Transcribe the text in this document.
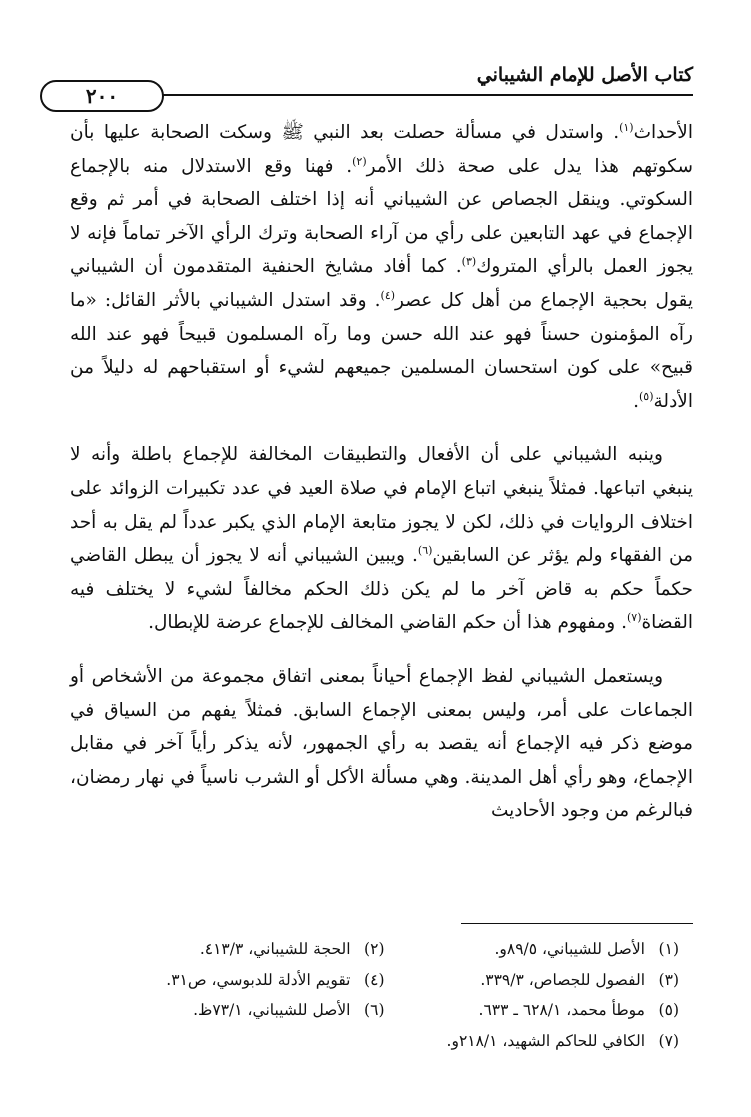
كتاب الأصل للإمام الشيباني
٢٠٠

الأحداث$^{(١)}$. واستدل في مسألة حصلت بعد النبي ﷺ وسكت الصحابة عليها بأن سكوتهم هذا يدل على صحة ذلك الأمر$^{(٢)}$. فهنا وقع الاستدلال منه بالإجماع السكوتي. وينقل الجصاص عن الشيباني أنه إذا اختلف الصحابة في أمر ثم وقع الإجماع في عهد التابعين على رأي من آراء الصحابة وترك الرأي الآخر تماماً فإنه لا يجوز العمل بالرأي المتروك$^{(٣)}$. كما أفاد مشايخ الحنفية المتقدمون أن الشيباني يقول بحجية الإجماع من أهل كل عصر$^{(٤)}$. وقد استدل الشيباني بالأثر القائل: «ما رآه المؤمنون حسناً فهو عند الله حسن وما رآه المسلمون قبيحاً فهو عند الله قبيح» على كون استحسان المسلمين جميعهم لشيء أو استقباحهم له دليلاً من الأدلة$^{(٥)}$.

وينبه الشيباني على أن الأفعال والتطبيقات المخالفة للإجماع باطلة وأنه لا ينبغي اتباعها. فمثلاً ينبغي اتباع الإمام في صلاة العيد في عدد تكبيرات الزوائد على اختلاف الروايات في ذلك، لكن لا يجوز متابعة الإمام الذي يكبر عدداً لم يقل به أحد من الفقهاء ولم يؤثر عن السابقين$^{(٦)}$. ويبين الشيباني أنه لا يجوز أن يبطل القاضي حكماً حكم به قاض آخر ما لم يكن ذلك الحكم مخالفاً لشيء لا يختلف فيه القضاة$^{(٧)}$. ومفهوم هذا أن حكم القاضي المخالف للإجماع عرضة للإبطال.

ويستعمل الشيباني لفظ الإجماع أحياناً بمعنى اتفاق مجموعة من الأشخاص أو الجماعات على أمر، وليس بمعنى الإجماع السابق. فمثلاً يفهم من السياق في موضع ذكر فيه الإجماع أنه يقصد به رأي الجمهور، لأنه يذكر رأياً آخر في مقابل الإجماع، وهو رأي أهل المدينة. وهي مسألة الأكل أو الشرب ناسياً في نهار رمضان، فبالرغم من وجود الأحاديث

(١)الأصل للشيباني، ٨٩/٥و.
(٢)الحجة للشيباني، ٤١٣/٣.
(٣)الفصول للجصاص، ٣٣٩/٣.
(٤)تقويم الأدلة للدبوسي، ص٣١.
(٥)موطأ محمد، ٦٢٨/١ ـ ٦٣٣.
(٦)الأصل للشيباني، ٧٣/١ظ.
(٧)الكافي للحاكم الشهيد، ٢١٨/١و.
